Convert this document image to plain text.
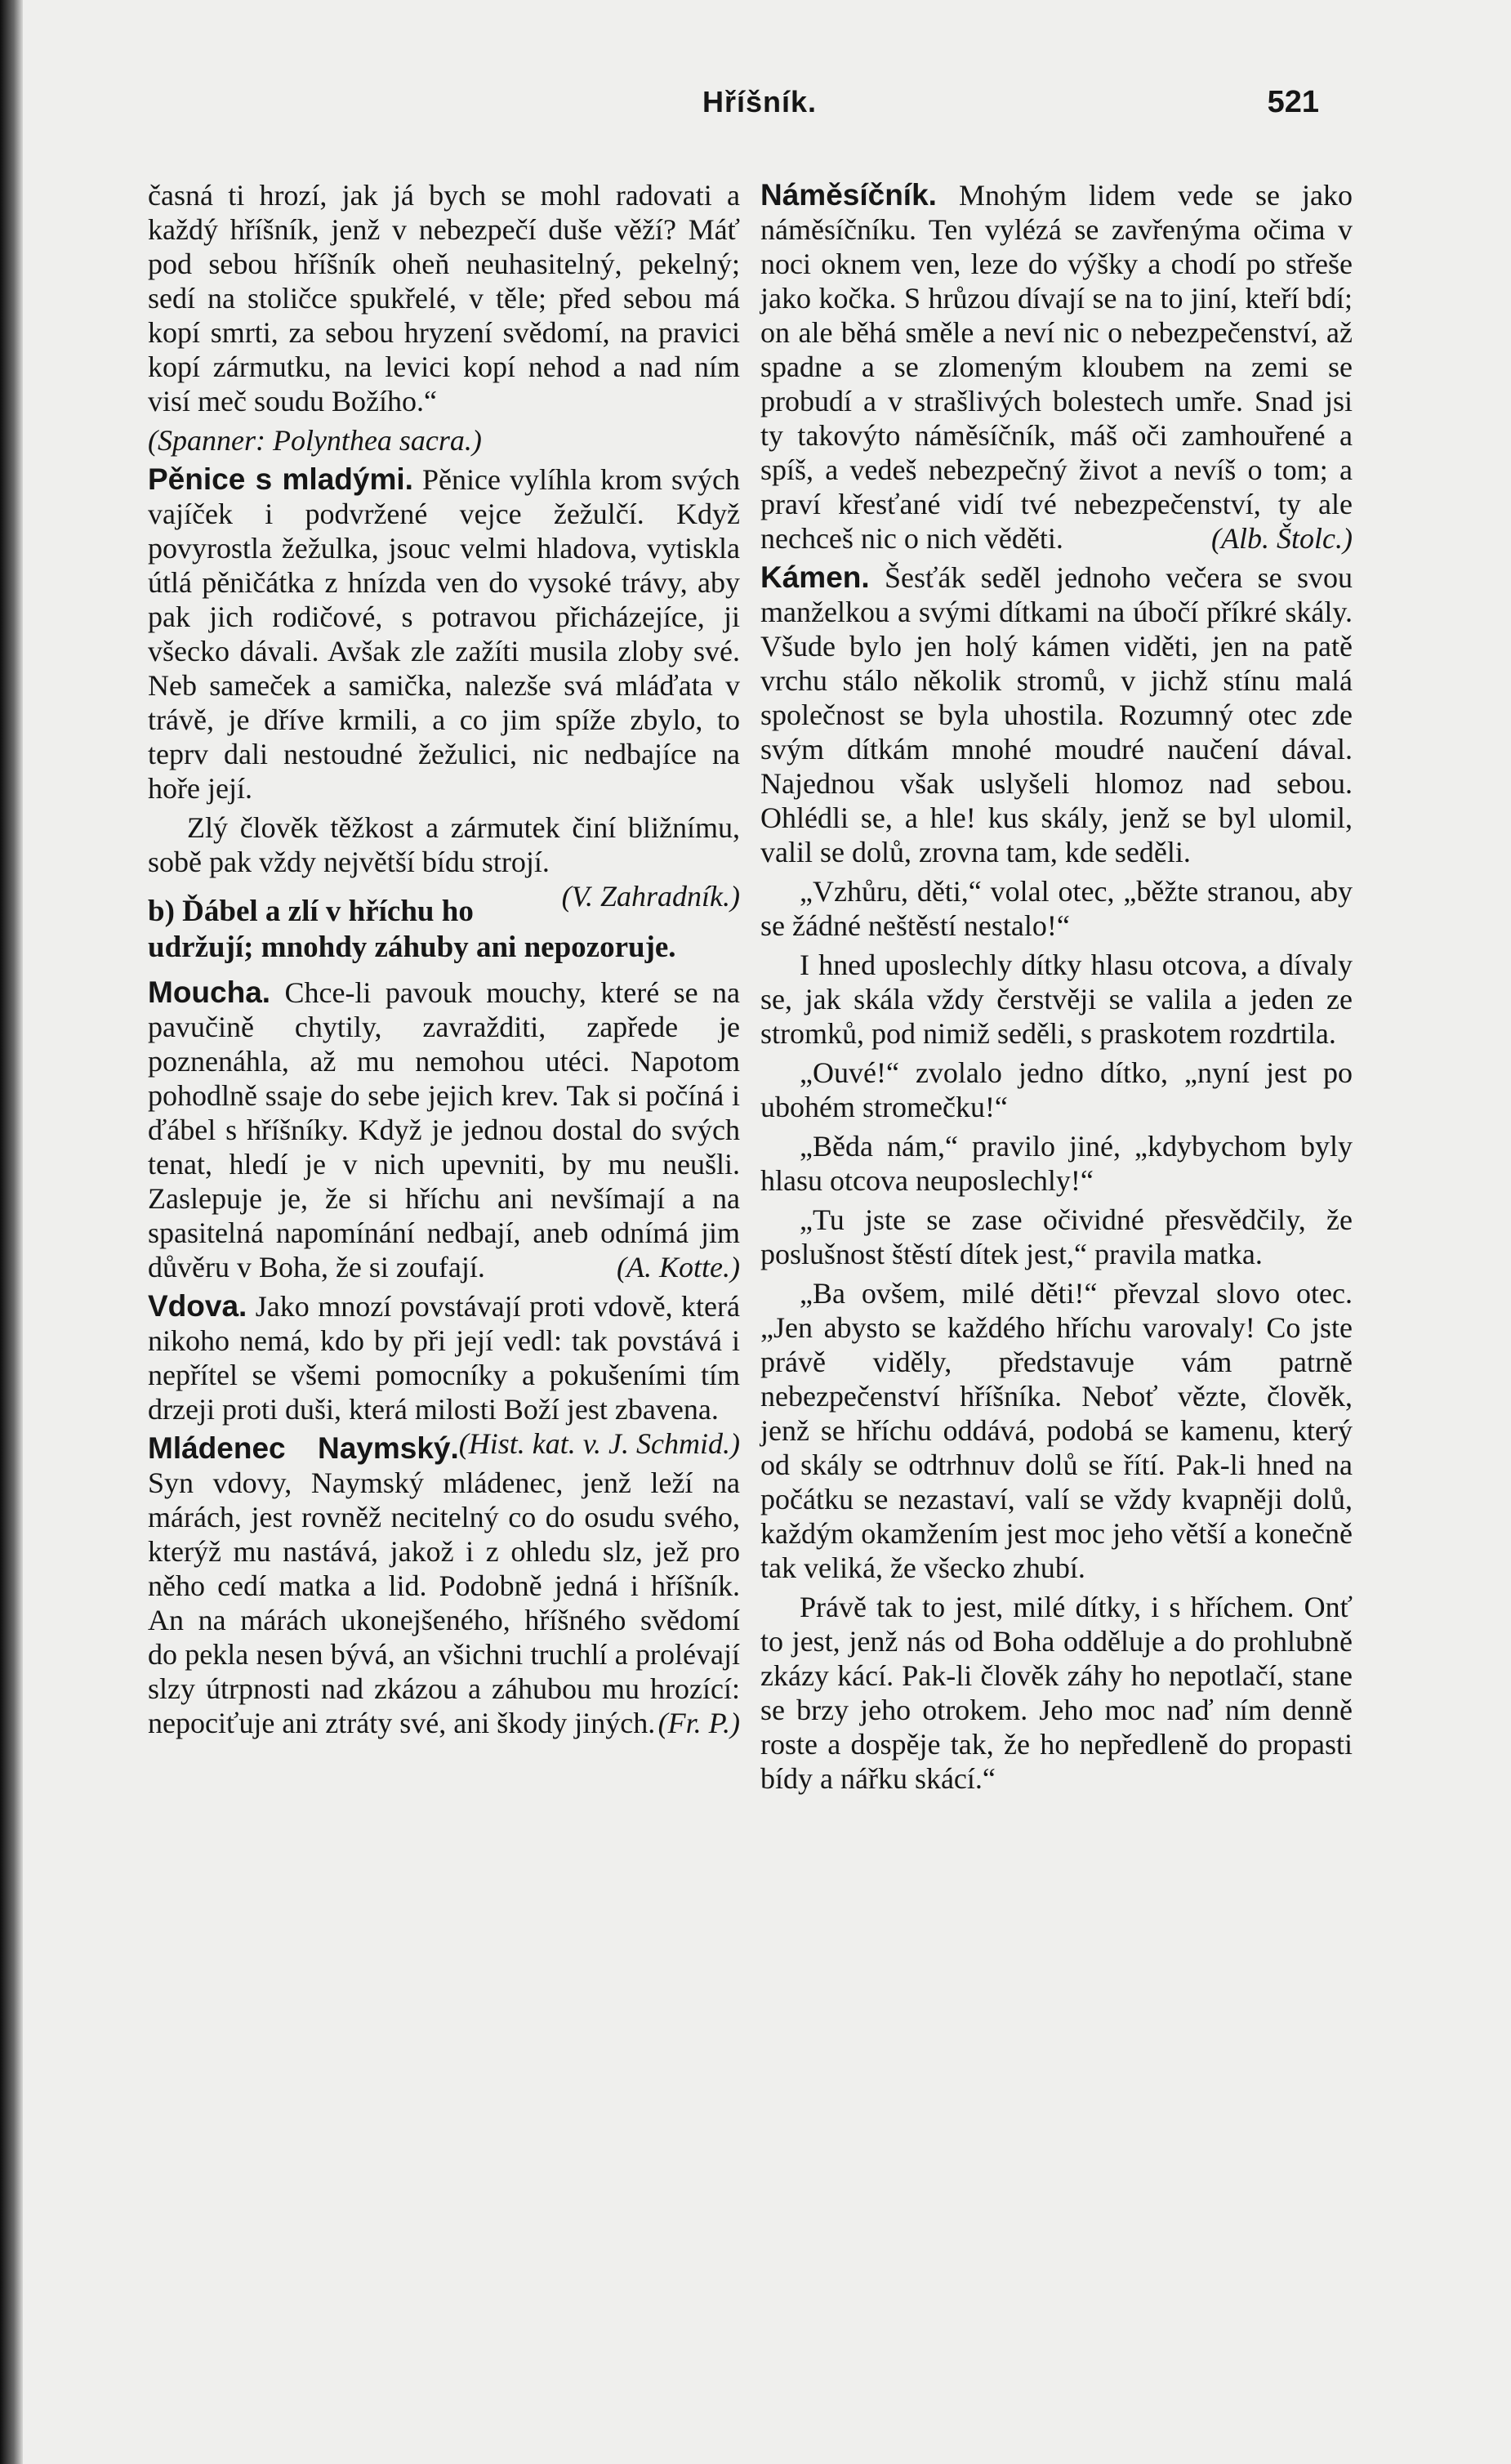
Hříšník.	521

časná ti hrozí, jak já bych se mohl radovati a každý hříšník, jenž v nebezpečí duše věží? Máť pod sebou hříšník oheň neuhasitelný, pekelný; sedí na stoličce spukřelé, v těle; před sebou má kopí smrti, za sebou hryzení svědomí, na pravici kopí zármutku, na levici kopí nehod a nad ním visí meč soudu Božího.“

(Spanner: Polynthea sacra.)

Pěnice s mladými. Pěnice vylíhla krom svých vajíček i podvržené vejce žežulčí. Když povyrostla žežulka, jsouc velmi hladova, vytiskla útlá pěničátka z hnízda ven do vysoké trávy, aby pak jich rodičové, s potravou přicházejíce, ji všecko dávali. Avšak zle zažíti musila zloby své. Neb sameček a samička, nalezše svá mláďata v trávě, je dříve krmili, a co jim spíže zbylo, to teprv dali nestoudné žežulici, nic nedbajíce na hoře její.

Zlý člověk těžkost a zármutek činí bližnímu, sobě pak vždy největší bídu strojí.
(V. Zahradník.)

b) Ďábel a zlí v hříchu ho udržují; mnohdy záhuby ani nepozoruje.

Moucha. Chce-li pavouk mouchy, které se na pavučině chytily, zavražditi, zapřede je poznenáhla, až mu nemohou utéci. Napotom pohodlně ssaje do sebe jejich krev. Tak si počíná i ďábel s hříšníky. Když je jednou dostal do svých tenat, hledí je v nich upevniti, by mu neušli. Zaslepuje je, že si hříchu ani nevšímají a na spasitelná napomínání nedbají, aneb odnímá jim důvěru v Boha, že si zoufají.	(A. Kotte.)

Vdova. Jako mnozí povstávají proti vdově, která nikoho nemá, kdo by při její vedl: tak povstává i nepřítel se všemi pomocníky a pokušeními tím drzeji proti duši, která milosti Boží jest zbavena.
(Hist. kat. v. J. Schmid.)

Mládenec Naymský. Syn vdovy, Naymský mládenec, jenž leží na márách, jest rovněž necitelný co do osudu svého, kterýž mu nastává, jakož i z ohledu slz, jež pro něho cedí matka a lid. Podobně jedná i hříšník. An na márách ukonejšeného, hříšného svědomí do pekla nesen bývá, an všichni truchlí a prolévají slzy útrpnosti nad zkázou a záhubou mu hrozící: nepociťuje ani ztráty své, ani škody jiných. (Fr. P.)

Náměsíčník. Mnohým lidem vede se jako náměsíčníku. Ten vylézá se zavřenýma očima v noci oknem ven, leze do výšky a chodí po střeše jako kočka. S hrůzou dívají se na to jiní, kteří bdí; on ale běhá směle a neví nic o nebezpečenství, až spadne a se zlomeným kloubem na zemi se probudí a v strašlivých bolestech umře. Snad jsi ty takovýto náměsíčník, máš oči zamhouřené a spíš, a vedeš nebezpečný život a nevíš o tom; a praví křesťané vidí tvé nebezpečenství, ty ale nechceš nic o nich věděti.	(Alb. Štolc.)

Kámen. Šesťák seděl jednoho večera se svou manželkou a svými dítkami na úbočí příkré skály. Všude bylo jen holý kámen viděti, jen na patě vrchu stálo několik stromů, v jichž stínu malá společnost se byla uhostila. Rozumný otec zde svým dítkám mnohé moudré naučení dával. Najednou však uslyšeli hlomoz nad sebou. Ohlédli se, a hle! kus skály, jenž se byl ulomil, valil se dolů, zrovna tam, kde seděli.

„Vzhůru, děti,“ volal otec, „běžte stranou, aby se žádné neštěstí nestalo!“

I hned uposlechly dítky hlasu otcova, a dívaly se, jak skála vždy čerstvěji se valila a jeden ze stromků, pod nimiž seděli, s praskotem rozdrtila.

„Ouvé!“ zvolalo jedno dítko, „nyní jest po ubohém stromečku!“

„Běda nám,“ pravilo jiné, „kdybychom byly hlasu otcova neuposlechly!“

„Tu jste se zase očividné přesvědčily, že poslušnost štěstí dítek jest,“ pravila matka.

„Ba ovšem, milé děti!“ převzal slovo otec. „Jen abysto se každého hříchu varovaly! Co jste právě viděly, představuje vám patrně nebezpečenství hříšníka. Neboť vězte, člověk, jenž se hříchu oddává, podobá se kamenu, který od skály se odtrhnuv dolů se řítí. Pak-li hned na počátku se nezastaví, valí se vždy kvapněji dolů, každým okamžením jest moc jeho větší a konečně tak veliká, že všecko zhubí.

Právě tak to jest, milé dítky, i s hříchem. Onť to jest, jenž nás od Boha odděluje a do prohlubně zkázy kácí. Pak-li člověk záhy ho nepotlačí, stane se brzy jeho otrokem. Jeho moc naď ním denně roste a dospěje tak, že ho nepředleně do propasti bídy a nářku skácí.“
